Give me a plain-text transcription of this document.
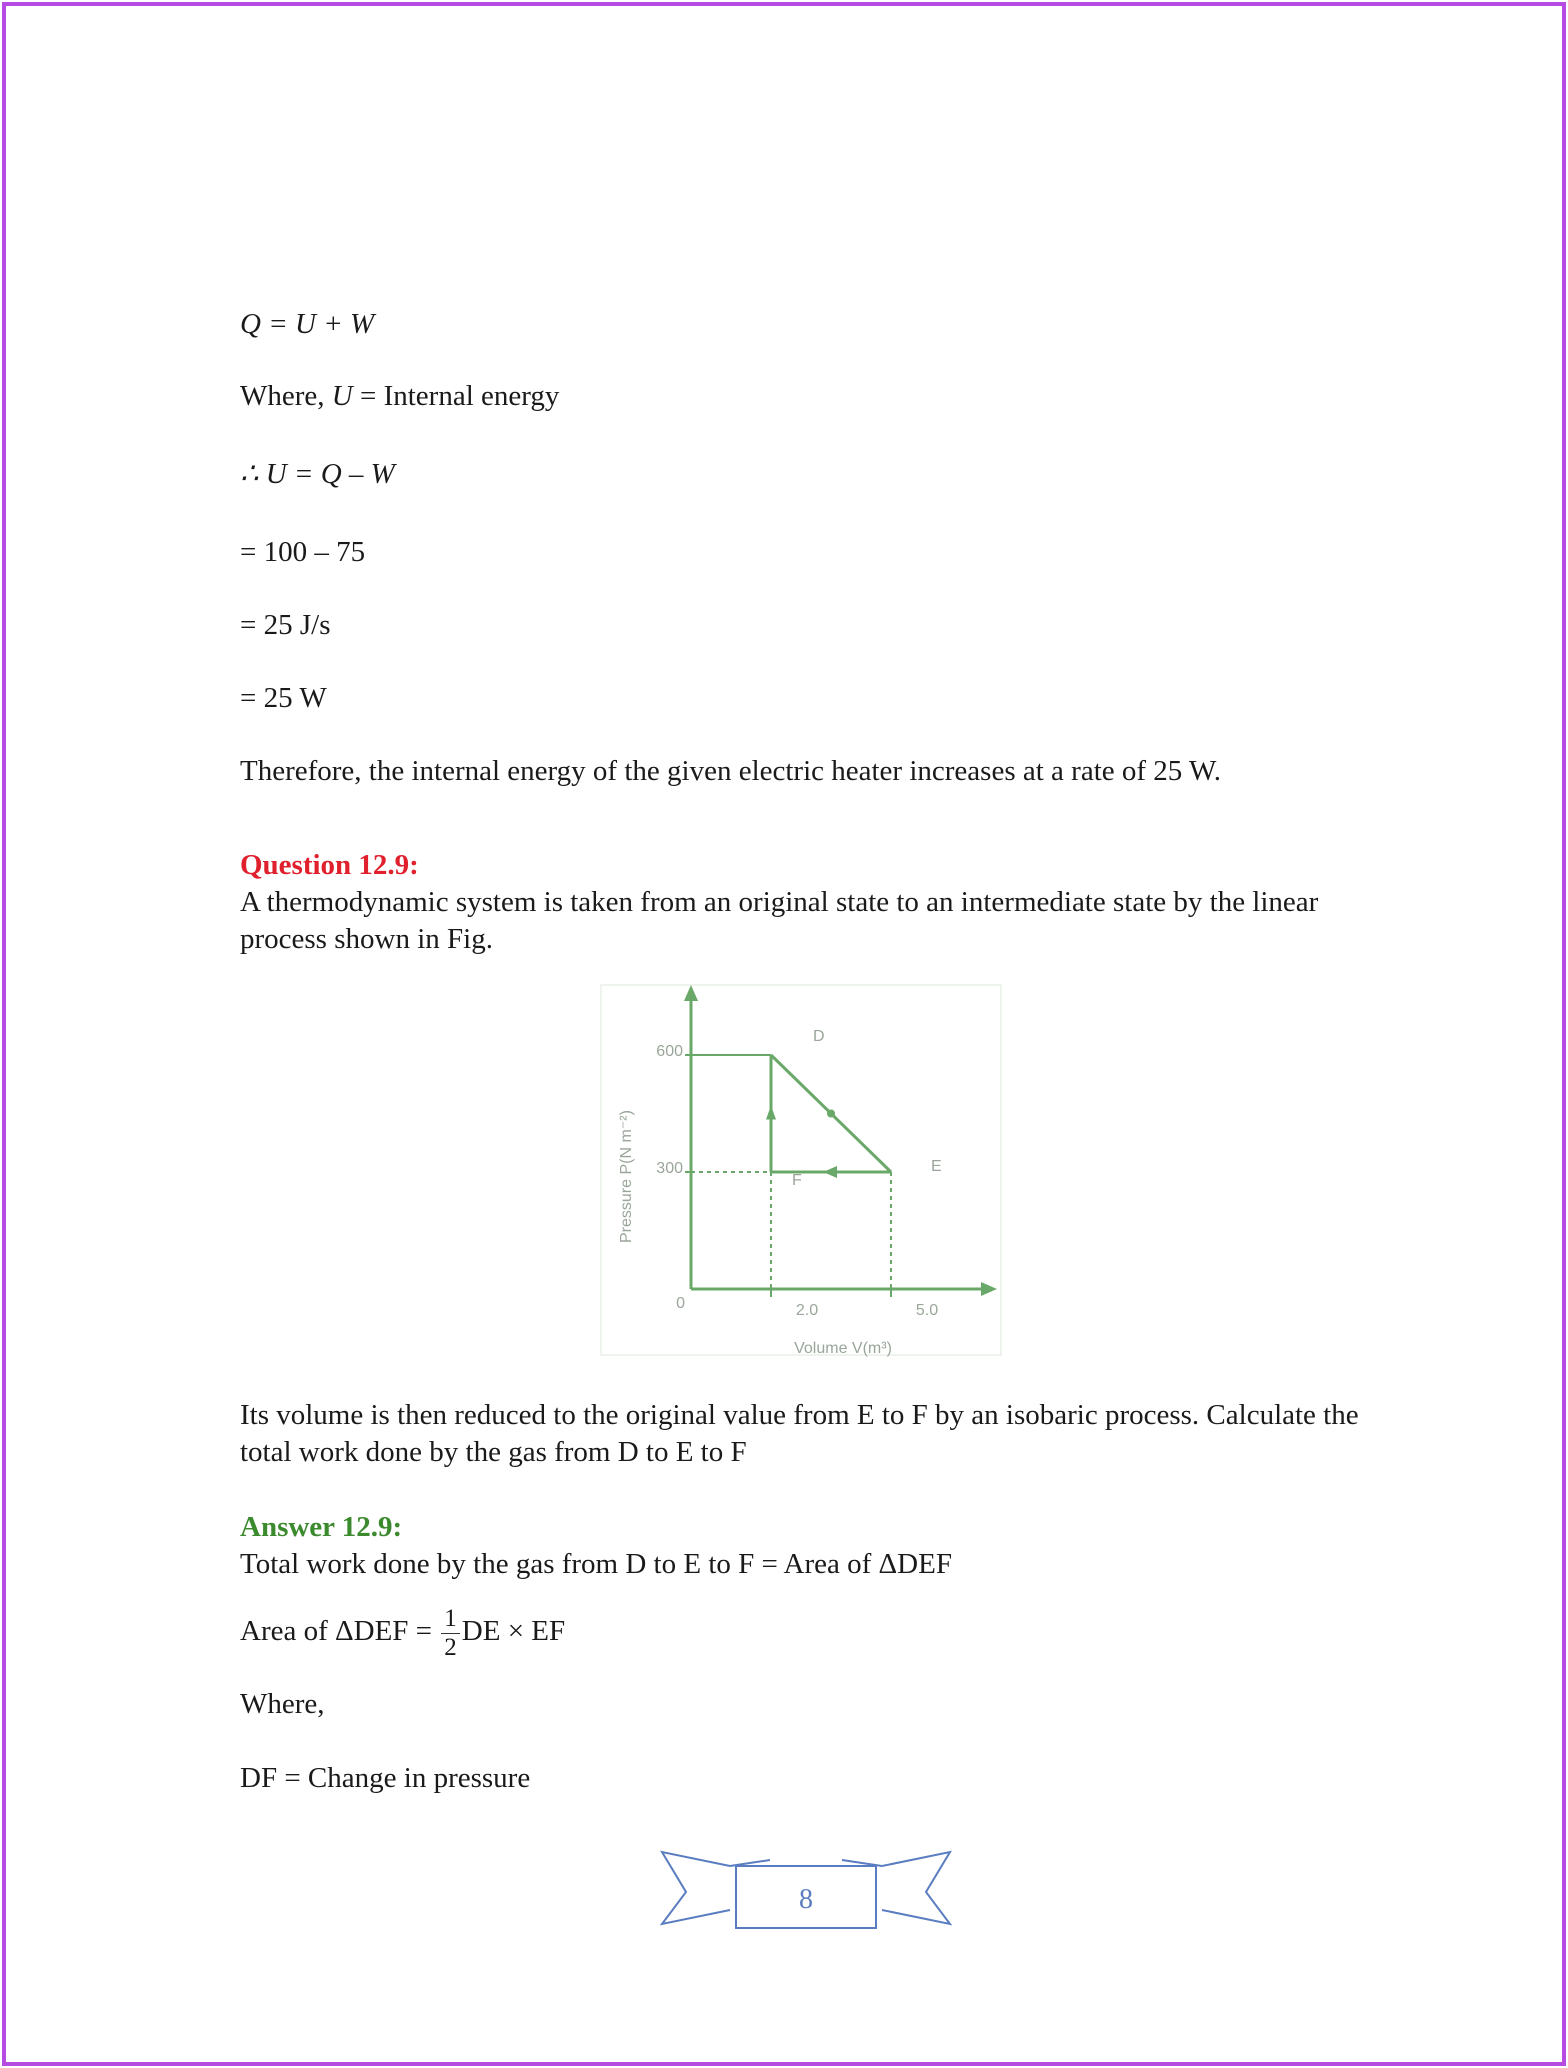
Q = U + W
Where, U = Internal energy
∴ U = Q – W
= 100 – 75
= 25 J/s
= 25 W
Therefore, the internal energy of the given electric heater increases at a rate of 25 W.
Question 12.9:
A thermodynamic system is taken from an original state to an intermediate state by the linear process shown in Fig.
600
300
0	2.0	5.0
D
E
F
Pressure P(N m⁻²)
Volume V(m³)
Its volume is then reduced to the original value from E to F by an isobaric process. Calculate the total work done by the gas from D to E to F
Answer 12.9:
Total work done by the gas from D to E to F = Area of ΔDEF
Area of $\Delta DEF = \frac{1}{2}$ DE × EF
Where,
DF = Change in pressure
8
